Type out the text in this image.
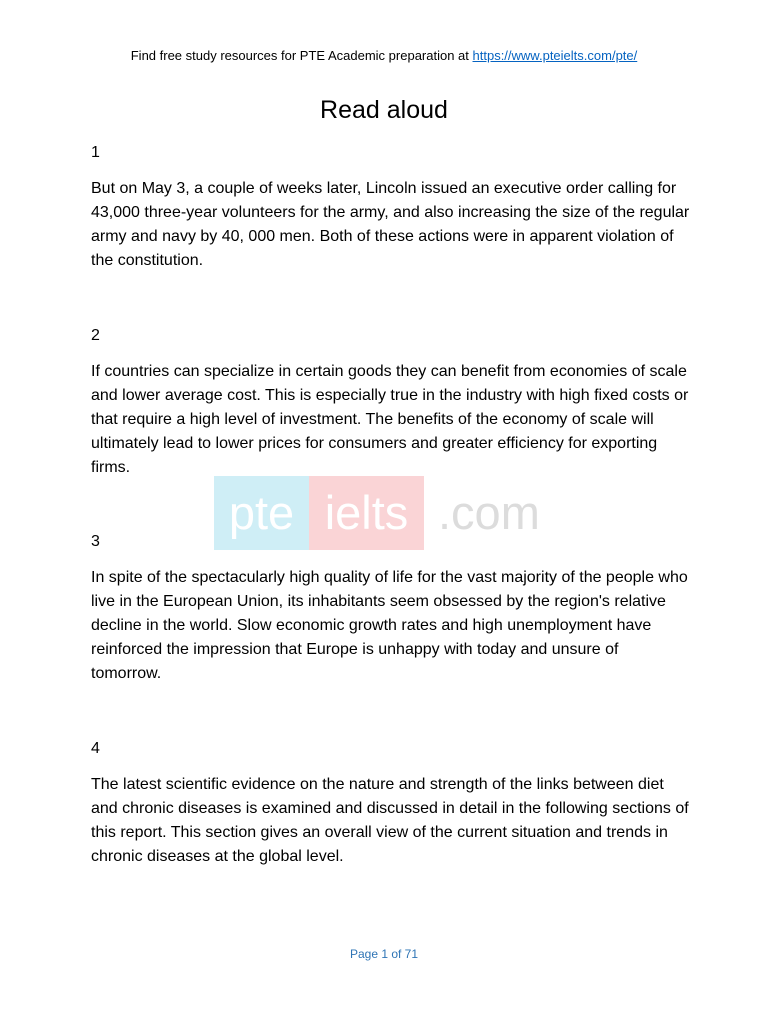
Find free study resources for PTE Academic preparation at https://www.pteielts.com/pte/
Read aloud
1

But on May 3, a couple of weeks later, Lincoln issued an executive order calling for 43,000 three-year volunteers for the army, and also increasing the size of the regular army and navy by 40, 000 men. Both of these actions were in apparent violation of the constitution.

2

If countries can specialize in certain goods they can benefit from economies of scale and lower average cost. This is especially true in the industry with high fixed costs or that require a high level of investment. The benefits of the economy of scale will ultimately lead to lower prices for consumers and greater efficiency for exporting firms.

pte ielts .com
3

In spite of the spectacularly high quality of life for the vast majority of the people who live in the European Union, its inhabitants seem obsessed by the region's relative decline in the world. Slow economic growth rates and high unemployment have reinforced the impression that Europe is unhappy with today and unsure of tomorrow.

4

The latest scientific evidence on the nature and strength of the links between diet and chronic diseases is examined and discussed in detail in the following sections of this report. This section gives an overall view of the current situation and trends in chronic diseases at the global level.

Page 1 of 71
